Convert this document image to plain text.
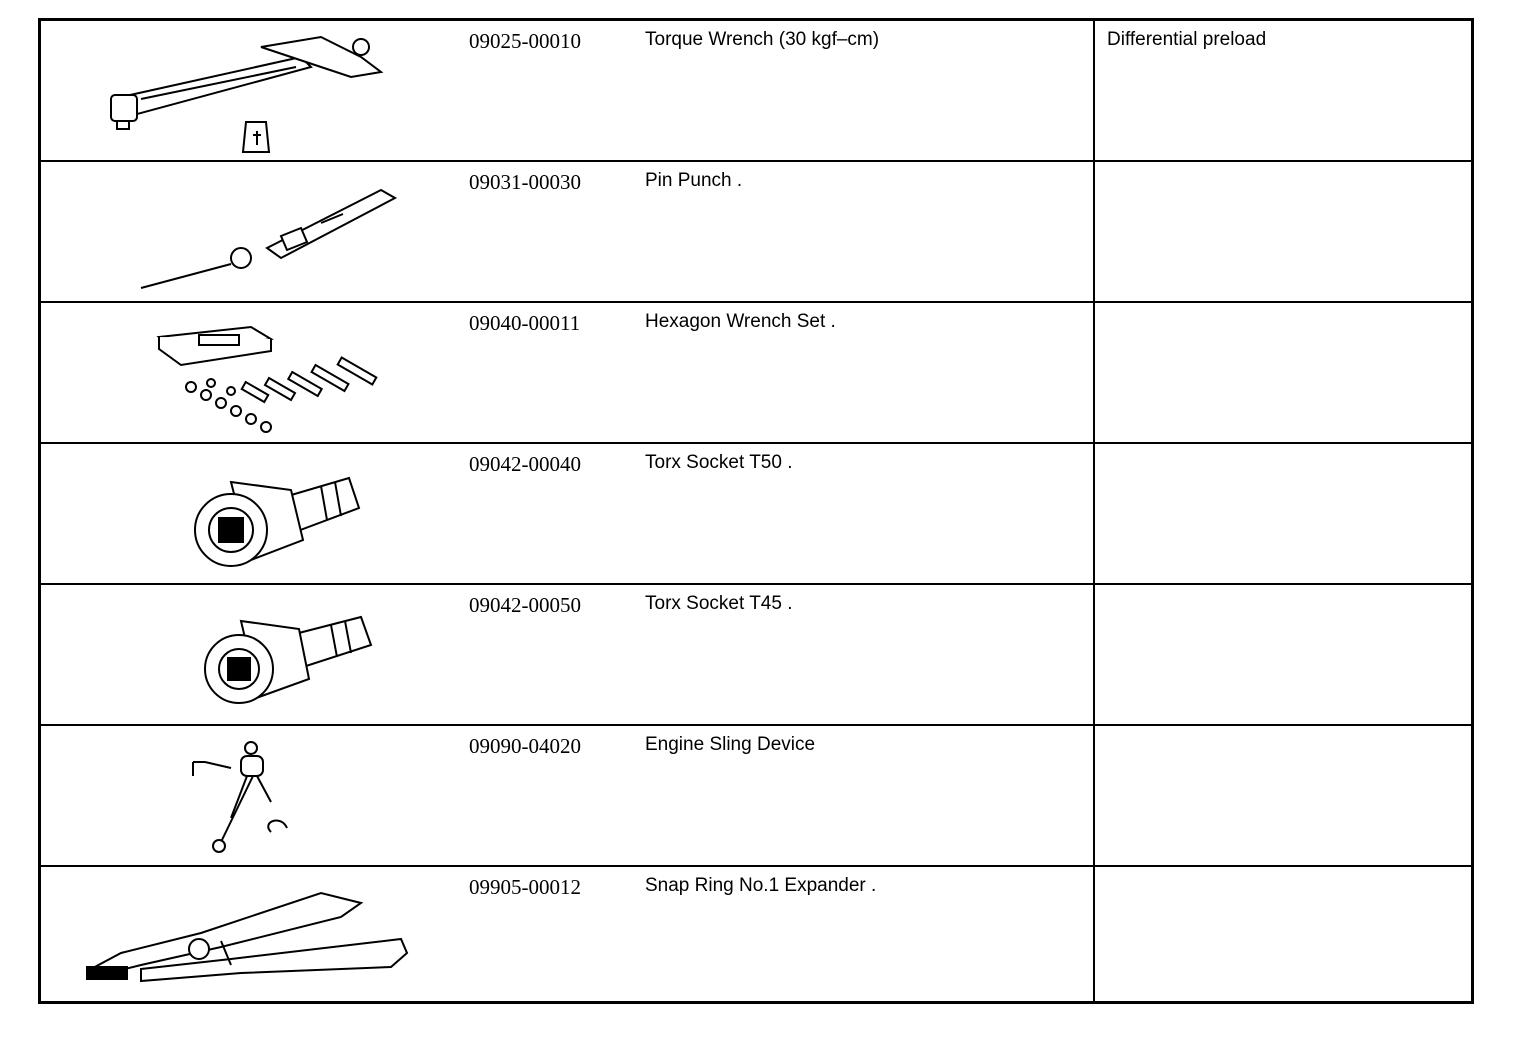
09025-00010	Torque Wrench (30 kgf–cm)	Differential preload
09031-00030	Pin Punch .
09040-00011	Hexagon Wrench Set .
09042-00040	Torx Socket T50 .
09042-00050	Torx Socket T45 .
09090-04020	Engine Sling Device
09905-00012	Snap Ring No.1 Expander .
